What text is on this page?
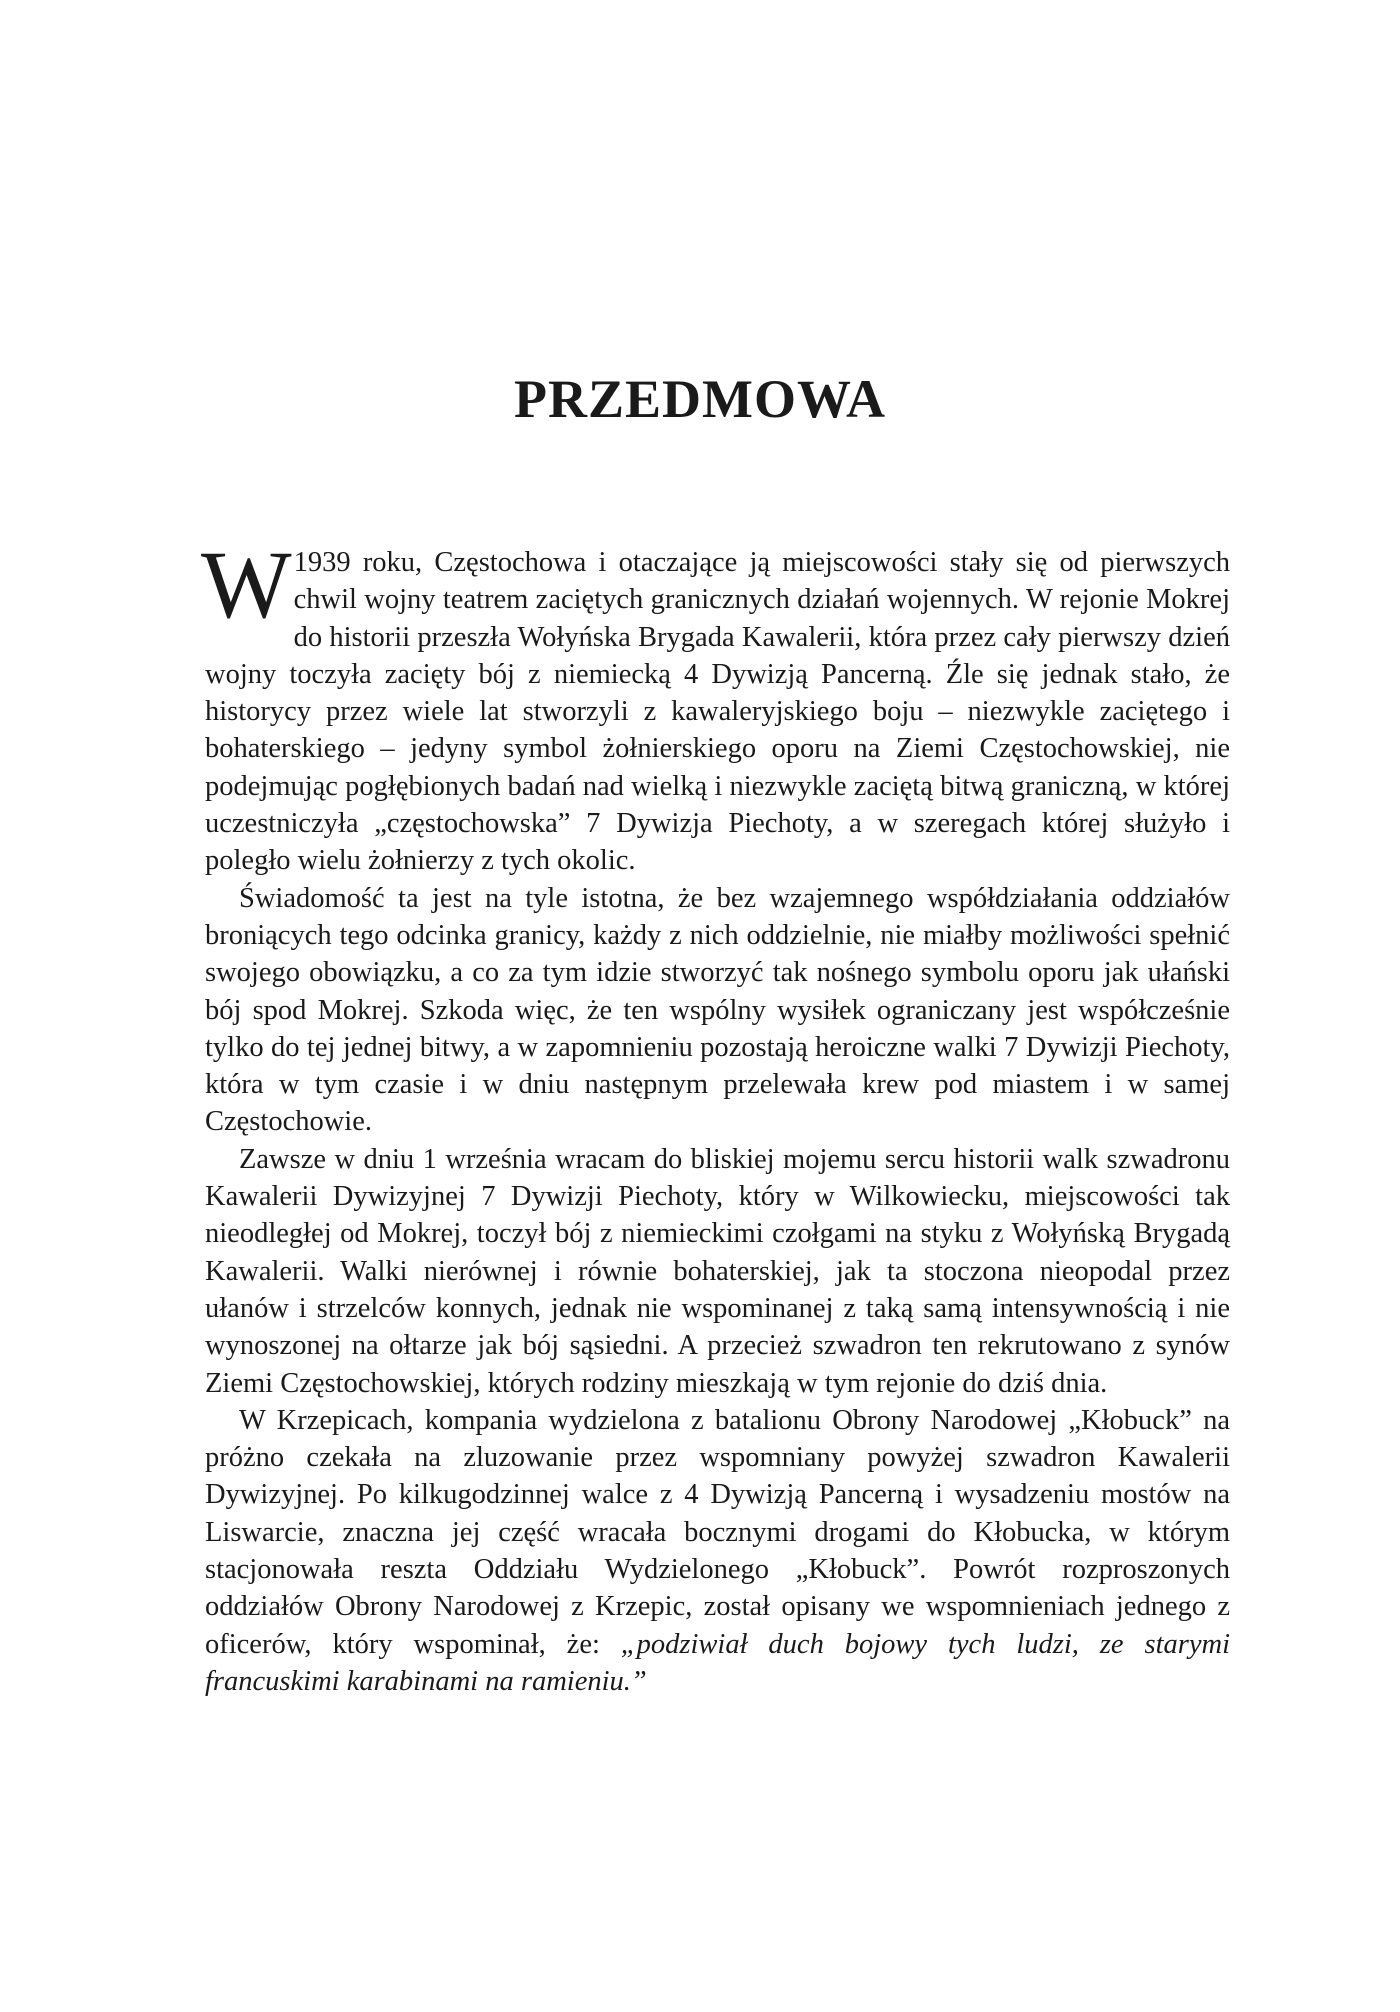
PRZEDMOWA

W 1939 roku, Częstochowa i otaczające ją miejscowości stały się od pierwszych chwil wojny teatrem zaciętych granicznych działań wojennych. W rejonie Mokrej do historii przeszła Wołyńska Brygada Kawalerii, która przez cały pierwszy dzień wojny toczyła zacięty bój z niemiecką 4 Dywizją Pancerną. Źle się jednak stało, że historycy przez wiele lat stworzyli z kawaleryjskiego boju – niezwykle zaciętego i bohaterskiego – jedyny symbol żołnierskiego oporu na Ziemi Częstochowskiej, nie podejmując pogłębionych badań nad wielką i niezwykle zaciętą bitwą graniczną, w której uczestniczyła „częstochowska” 7 Dywizja Piechoty, a w szeregach której służyło i poległo wielu żołnierzy z tych okolic.

Świadomość ta jest na tyle istotna, że bez wzajemnego współdziałania oddziałów broniących tego odcinka granicy, każdy z nich oddzielnie, nie miałby możliwości spełnić swojego obowiązku, a co za tym idzie stworzyć tak nośnego symbolu oporu jak ułański bój spod Mokrej. Szkoda więc, że ten wspólny wysiłek ograniczany jest współcześnie tylko do tej jednej bitwy, a w zapomnieniu pozostają heroiczne walki 7 Dywizji Piechoty, która w tym czasie i w dniu następnym przelewała krew pod miastem i w samej Częstochowie.

Zawsze w dniu 1 września wracam do bliskiej mojemu sercu historii walk szwadronu Kawalerii Dywizyjnej 7 Dywizji Piechoty, który w Wilkowiecku, miejscowości tak nieodległej od Mokrej, toczył bój z niemieckimi czołgami na styku z Wołyńską Brygadą Kawalerii. Walki nierównej i równie bohaterskiej, jak ta stoczona nieopodal przez ułanów i strzelców konnych, jednak nie wspominanej z taką samą intensywnością i nie wynoszonej na ołtarze jak bój sąsiedni. A przecież szwadron ten rekrutowano z synów Ziemi Częstochowskiej, których rodziny mieszkają w tym rejonie do dziś dnia.

W Krzepicach, kompania wydzielona z batalionu Obrony Narodowej „Kłobuck” na próżno czekała na zluzowanie przez wspomniany powyżej szwadron Kawalerii Dywizyjnej. Po kilkugodzinnej walce z 4 Dywizją Pancerną i wysadzeniu mostów na Liswarcie, znaczna jej część wracała bocznymi drogami do Kłobucka, w którym stacjonowała reszta Oddziału Wydzielonego „Kłobuck”. Powrót rozproszonych oddziałów Obrony Narodowej z Krzepic, został opisany we wspomnieniach jednego z oficerów, który wspominał, że: „podziwiał duch bojowy tych ludzi, ze starymi francuskimi karabinami na ramieniu.”
